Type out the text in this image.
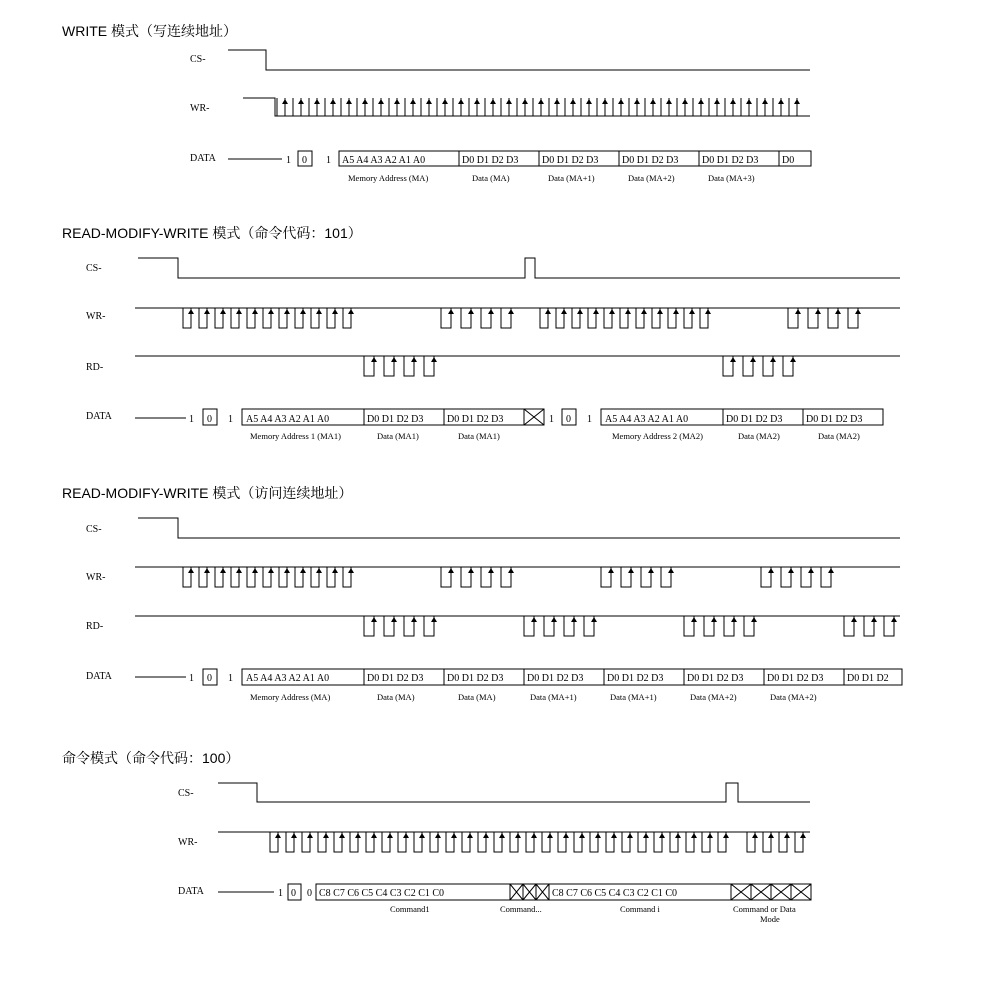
WRITE 模式（写连续地址）
CS-
WR-
DATA	1 0 1 A5 A4 A3 A2 A1 A0	D0 D1 D2 D3 D0 D1 D2 D3 D0 D1 D2 D3 D0 D1 D2 D3 D0
Memory Address (MA)	Data (MA)	Data (MA+1)	Data (MA+2)	Data (MA+3)
READ-MODIFY-WRITE 模式（命令代码：101）
CS-
WR-
RD-
DATA	1 0 1 A5 A4 A3 A2 A1 A0	D0 D1 D2 D3 D0 D1 D2 D3	1 0 1 A5 A4 A3 A2 A1 A0	D0 D1 D2 D3 D0 D1 D2 D3
Memory Address 1 (MA1)	Data (MA1)	Data (MA1)	Memory Address 2 (MA2)	Data (MA2)	Data (MA2)
READ-MODIFY-WRITE 模式（访问连续地址）
CS-
WR-
RD-
DATA	1 0 1 A5 A4 A3 A2 A1 A0	D0 D1 D2 D3 D0 D1 D2 D3 D0 D1 D2 D3 D0 D1 D2 D3 D0 D1 D2 D3 D0 D1 D2 D3 D0 D1 D2
Memory Address (MA)	Data (MA)	Data (MA)	Data (MA+1)	Data (MA+1)	Data (MA+2)	Data (MA+2)
命令模式（命令代码：100）
CS-
WR-
DATA	1 0 0 C8 C7 C6 C5 C4 C3 C2 C1 C0	C8 C7 C6 C5 C4 C3 C2 C1 C0
Command1	Command...	Command i	Command or Data
Mode
